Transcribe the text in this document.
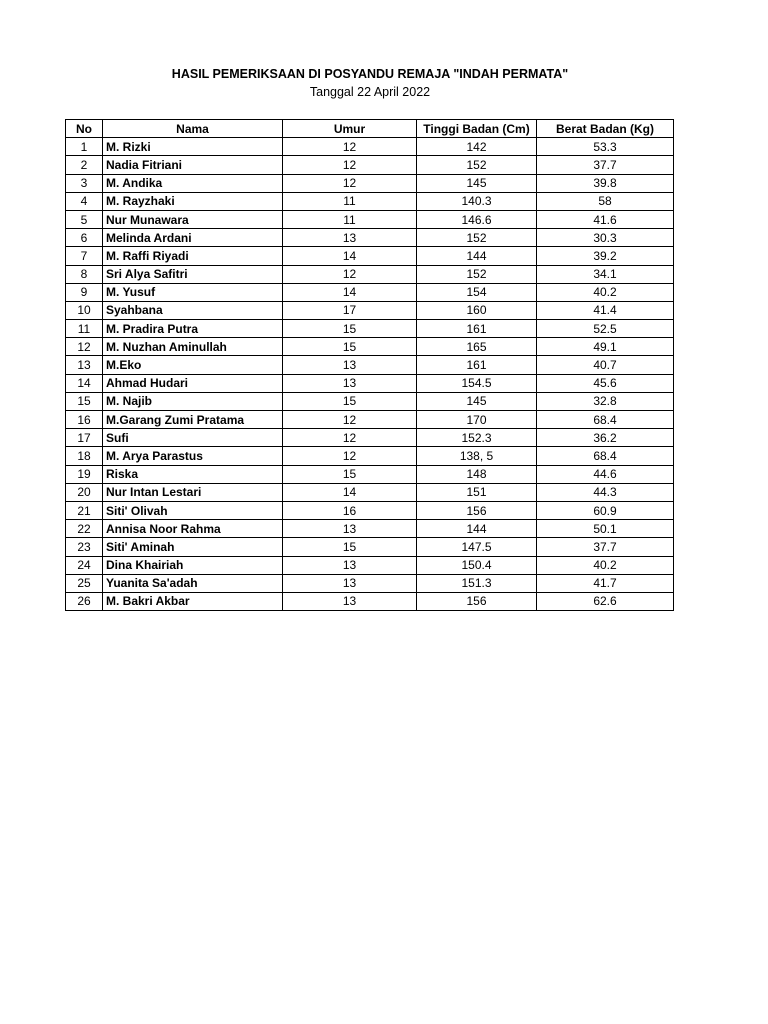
HASIL PEMERIKSAAN DI POSYANDU REMAJA "INDAH PERMATA"
Tanggal 22 April 2022
No	Nama	Umur	Tinggi Badan (Cm)	Berat Badan (Kg)
1	M. Rizki	12	142	53.3
2	Nadia Fitriani	12	152	37.7
3	M. Andika	12	145	39.8
4	M. Rayzhaki	11	140.3	58
5	Nur Munawara	11	146.6	41.6
6	Melinda Ardani	13	152	30.3
7	M. Raffi Riyadi	14	144	39.2
8	Sri Alya Safitri	12	152	34.1
9	M. Yusuf	14	154	40.2
10	Syahbana	17	160	41.4
11	M. Pradira Putra	15	161	52.5
12	M. Nuzhan Aminullah	15	165	49.1
13	M.Eko	13	161	40.7
14	Ahmad Hudari	13	154.5	45.6
15	M. Najib	15	145	32.8
16	M.Garang Zumi Pratama	12	170	68.4
17	Sufi	12	152.3	36.2
18	M. Arya Parastus	12	138, 5	68.4
19	Riska	15	148	44.6
20	Nur Intan Lestari	14	151	44.3
21	Siti' Olivah	16	156	60.9
22	Annisa Noor Rahma	13	144	50.1
23	Siti' Aminah	15	147.5	37.7
24	Dina Khairiah	13	150.4	40.2
25	Yuanita Sa'adah	13	151.3	41.7
26	M. Bakri Akbar	13	156	62.6
